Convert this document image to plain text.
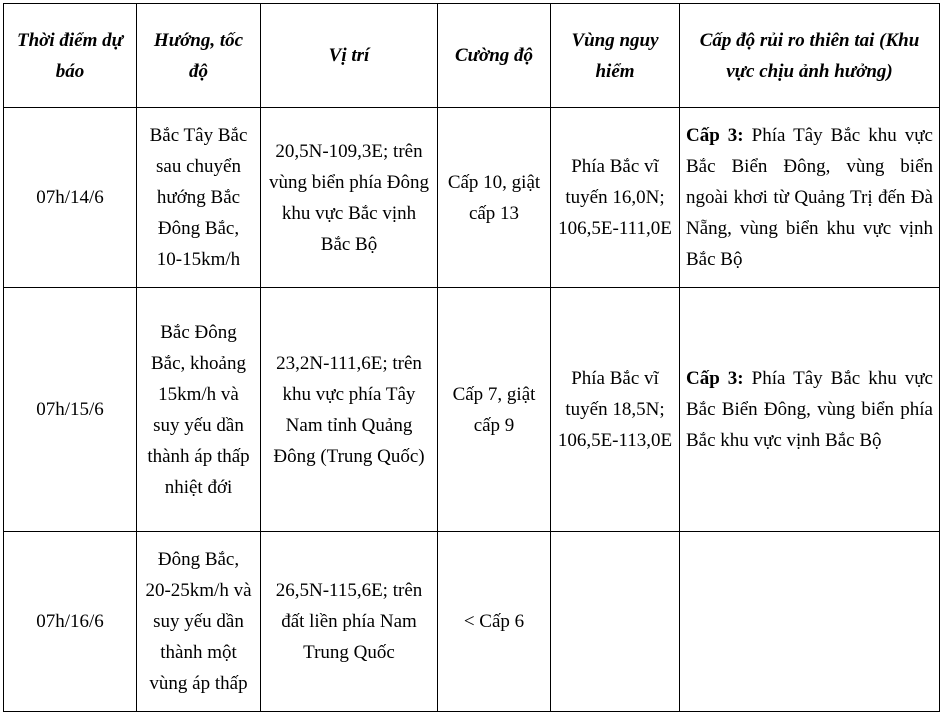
Thời điểm dự báo	Hướng, tốc độ	Vị trí	Cường độ	Vùng nguy hiểm	Cấp độ rủi ro thiên tai (Khu vực chịu ảnh hưởng)
07h/14/6	Bắc Tây Bắc sau chuyển hướng Bắc Đông Bắc, 10-15km/h	20,5N-109,3E; trên vùng biển phía Đông khu vực Bắc vịnh Bắc Bộ	Cấp 10, giật cấp 13	Phía Bắc vĩ tuyến 16,0N; 106,5E-111,0E	Cấp 3: Phía Tây Bắc khu vực Bắc Biển Đông, vùng biển ngoài khơi từ Quảng Trị đến Đà Nẵng, vùng biển khu vực vịnh Bắc Bộ
07h/15/6	Bắc Đông Bắc, khoảng 15km/h và suy yếu dần thành áp thấp nhiệt đới	23,2N-111,6E; trên khu vực phía Tây Nam tỉnh Quảng Đông (Trung Quốc)	Cấp 7, giật cấp 9	Phía Bắc vĩ tuyến 18,5N; 106,5E-113,0E	Cấp 3: Phía Tây Bắc khu vực Bắc Biển Đông, vùng biển phía Bắc khu vực vịnh Bắc Bộ
07h/16/6	Đông Bắc, 20-25km/h và suy yếu dần thành một vùng áp thấp	26,5N-115,6E; trên đất liền phía Nam Trung Quốc	< Cấp 6		
